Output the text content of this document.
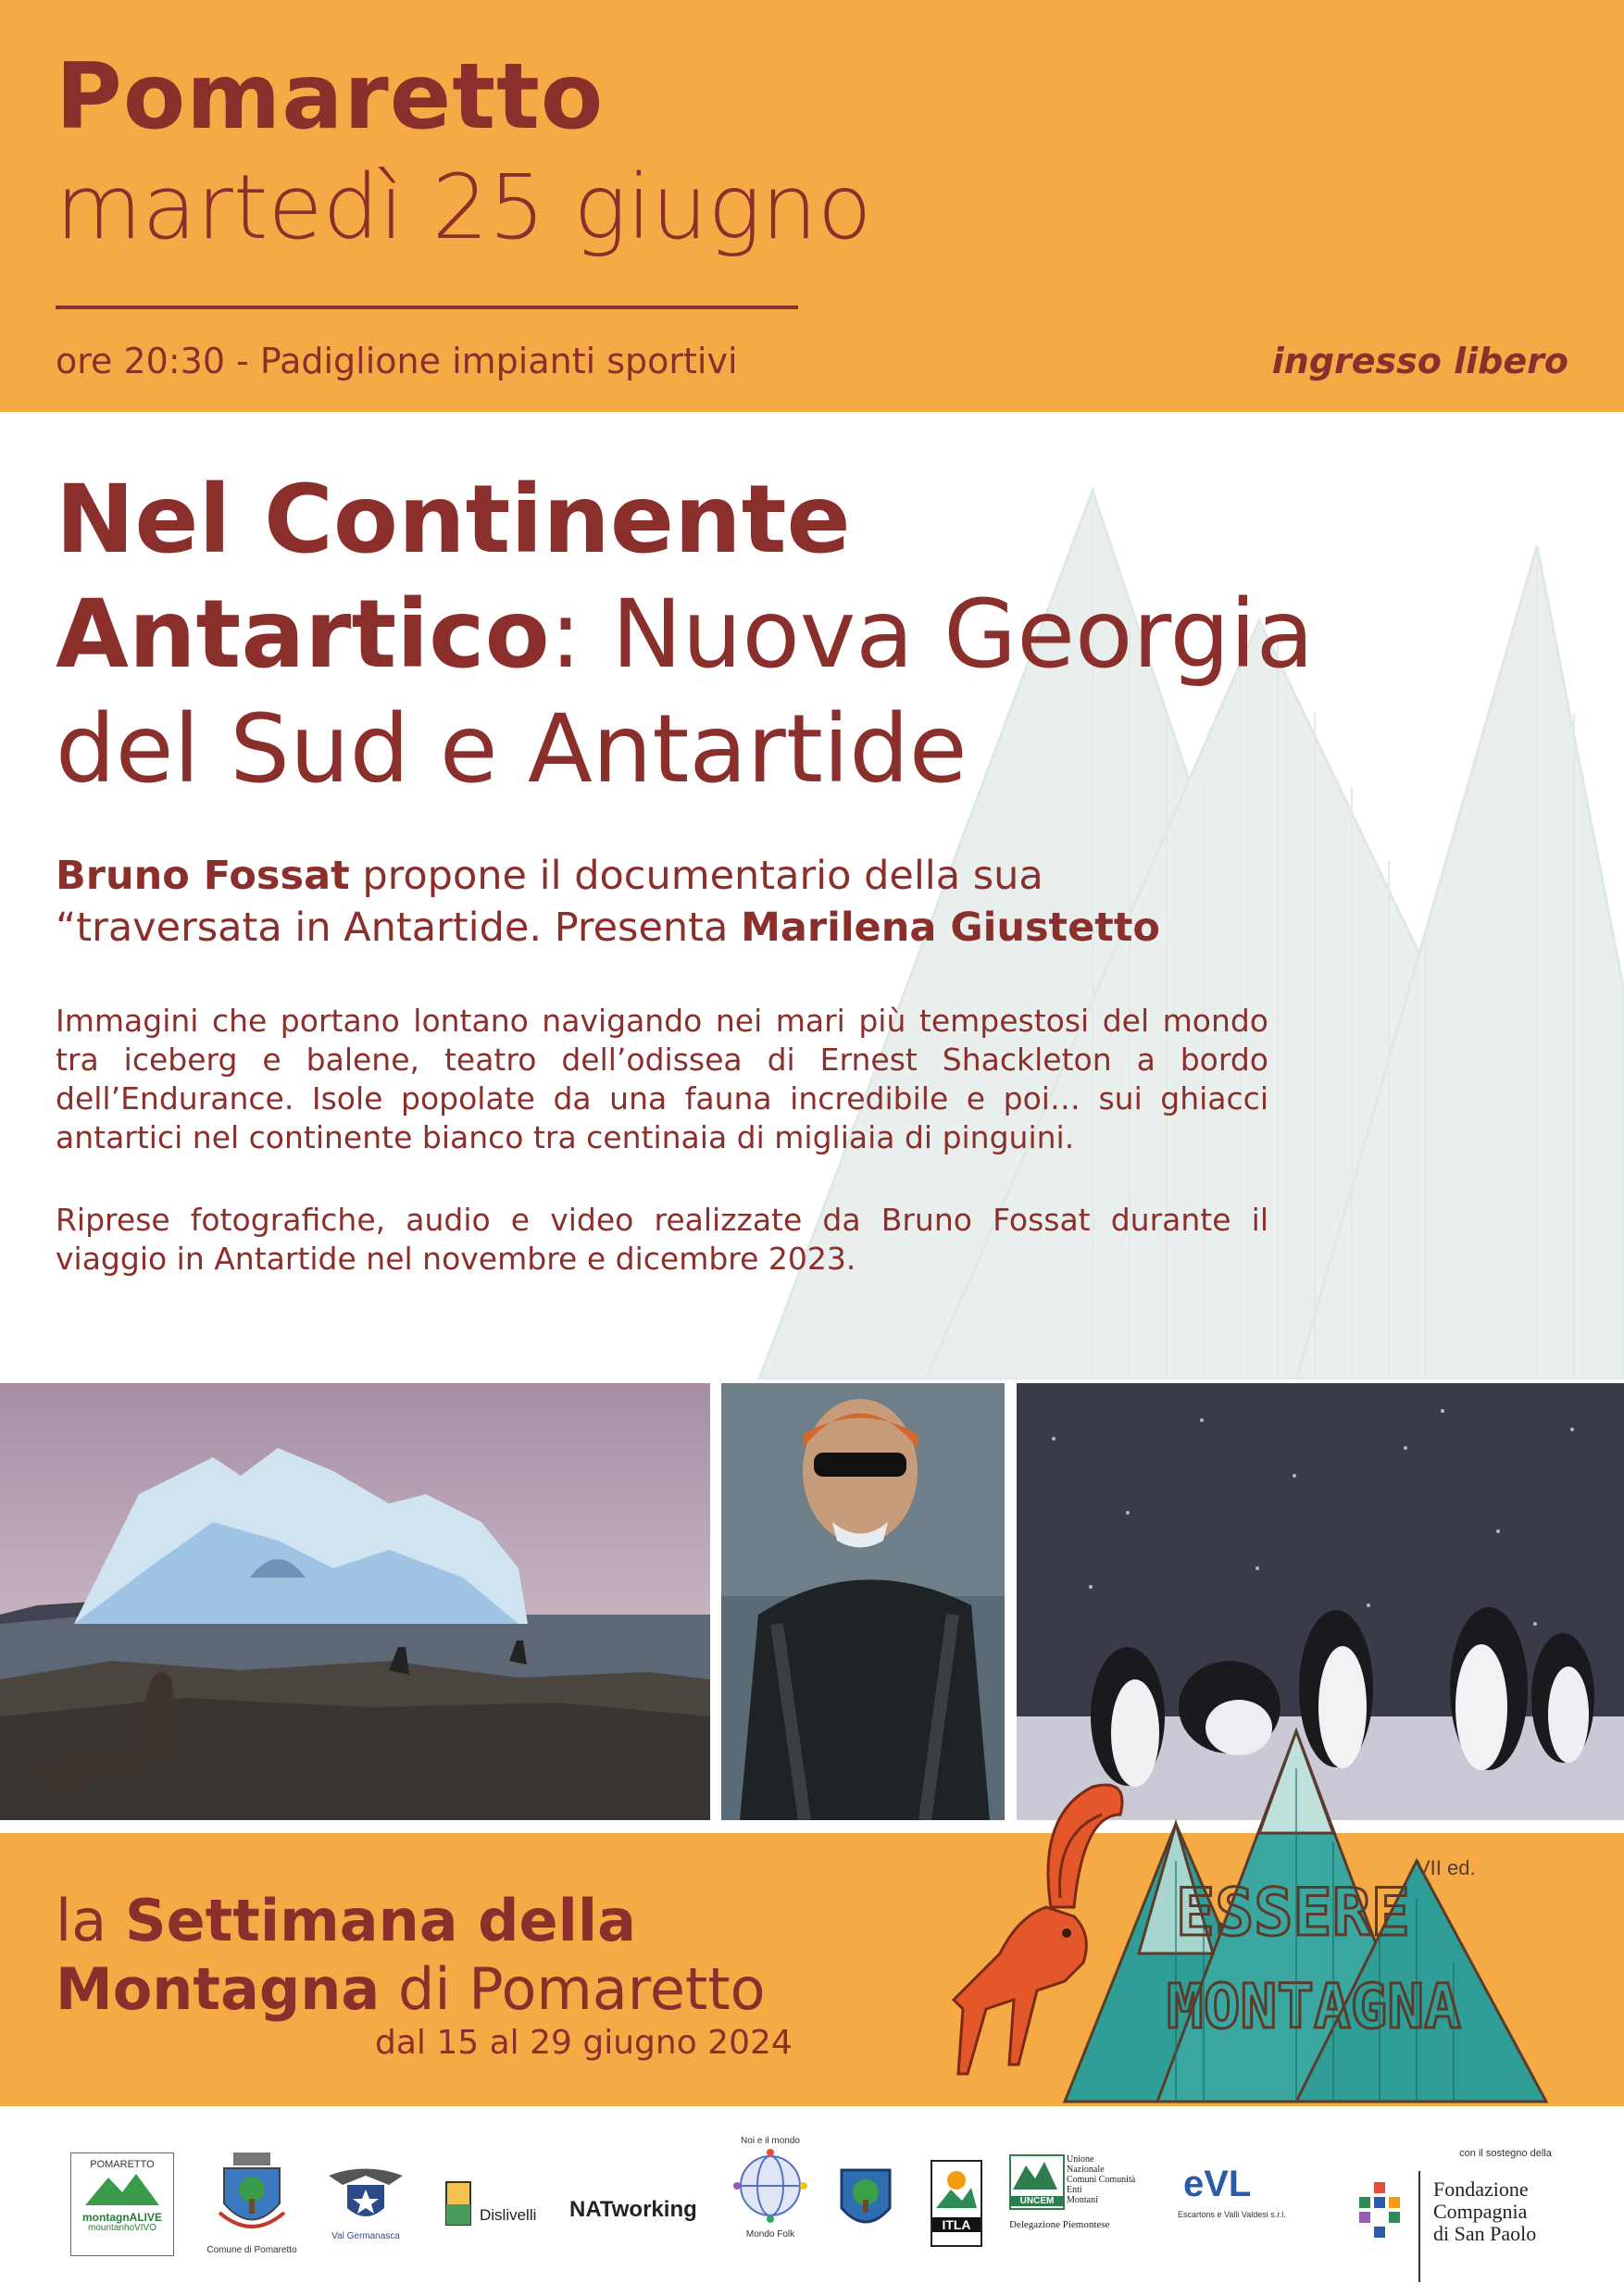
Pomaretto
martedì 25 giugno
ore 20:30 - Padiglione impianti sportivi	ingresso libero
Nel Continente
Antartico: Nuova Georgia
del Sud e Antartide
Bruno Fossat propone il documentario della sua
“traversata in Antartide. Presenta Marilena Giustetto
Immagini che portano lontano navigando nei mari più tempestosi del mondo tra iceberg e balene, teatro dell’odissea di Ernest Shackleton a bordo dell’Endurance. Isole popolate da una fauna incredibile e poi… sui ghiacci antartici nel continente bianco tra centinaia di migliaia di pinguini.
Riprese fotografiche, audio e video realizzate da Bruno Fossat durante il viaggio in Antartide nel novembre e dicembre 2023.
la Settimana della
Montagna di Pomaretto
dal 15 al 29 giugno 2024
VII ed.
ESSERE
MONTAGNA
POMARETTO
montagnALIVE
mountanhoVIVO
Comune di Pomaretto
Val Germanasca
Dislivelli NATworking
Noi e il mondo
Mondo Folk
ITLA
UNCEM
Unione
Nazionale
Comuni Comunità
Enti
Montani
Delegazione Piemontese
eVL
Escartons e Valli Valdesi s.r.l.
con il sostegno della
Fondazione
Compagnia
di San Paolo
